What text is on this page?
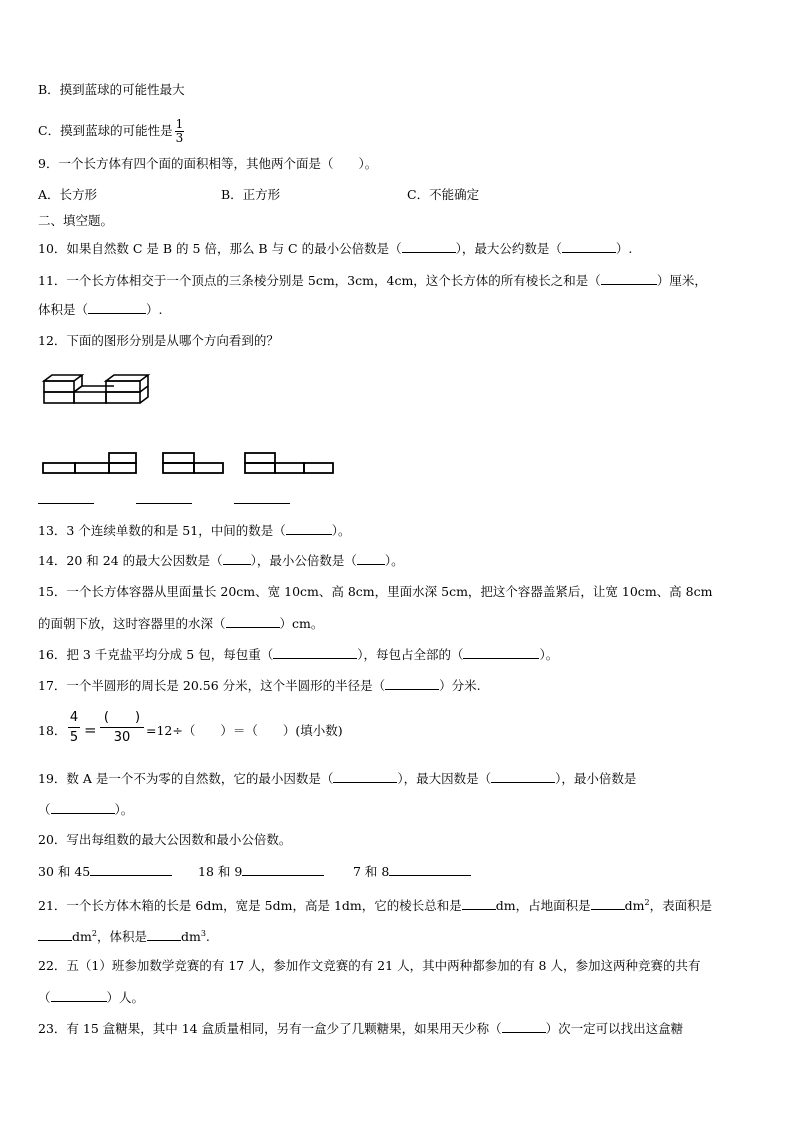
B．摸到蓝球的可能性最大
C．摸到蓝球的可能性是 $\frac{1}{3}$
9．一个长方体有四个面的面积相等，其他两个面是（　　）。
A．长方形	B．正方形	C．不能确定
二、填空题。
10．如果自然数 C 是 B 的 5 倍，那么 B 与 C 的最小公倍数是（	），最大公约数是（	）.
11．一个长方体相交于一个顶点的三条棱分别是 5cm，3cm，4cm，这个长方体的所有棱长之和是（	）厘米，
体积是（	）.
12．下面的图形分别是从哪个方向看到的？
13．3 个连续单数的和是 51，中间的数是（	）。
14．20 和 24 的最大公因数是（ ），最小公倍数是（ ）。
15．一个长方体容器从里面量长 20cm、宽 10cm、高 8cm，里面水深 5cm，把这个容器盖紧后，让宽 10cm、高 8cm
的面朝下放，这时容器里的水深（	）cm。
16．把 3 千克盐平均分成 5 包，每包重（	），每包占全部的（	）。
17．一个半圆形的周长是 20.56 分米，这个半圆形的半径是（	）分米.
18． $\frac{4}{5}$ =
(　　)
30	=12÷（　　）＝（　　）(填小数)
19．数 A 是一个不为零的自然数，它的最小因数是（	），最大因数是（	），最小倍数是
（	）。
20．写出每组数的最大公因数和最小公倍数。
30 和 45	18 和 9	7 和 8
21．一个长方体木箱的长是 6dm，宽是 5dm，高是 1dm，它的棱长总和是	dm，占地面积是	$dm^2$，表面积是
$dm^2$，体积是	$dm^3$.
22．五（1）班参加数学竞赛的有 17 人，参加作文竞赛的有 21 人，其中两种都参加的有 8 人，参加这两种竞赛的共有
（	）人。
23．有 15 盒糖果，其中 14 盒质量相同，另有一盒少了几颗糖果，如果用天少称（	）次一定可以找出这盒糖
